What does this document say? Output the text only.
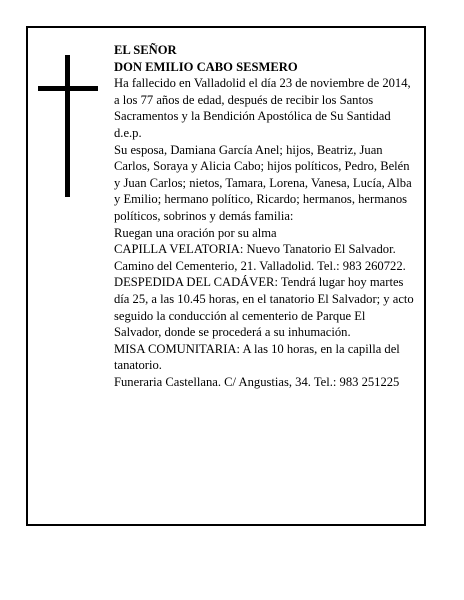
EL SEÑOR

DON EMILIO CABO SESMERO

Ha fallecido en Valladolid el día 23 de noviembre de 2014, a los 77 años de edad, después de recibir los Santos Sacramentos y la Bendición Apostólica de Su Santidad

d.e.p.

Su esposa, Damiana García Anel; hijos, Beatriz, Juan Carlos, Soraya y Alicia Cabo; hijos políticos, Pedro, Belén y Juan Carlos; nietos, Tamara, Lorena, Vanesa, Lucía, Alba y Emilio; hermano político, Ricardo; hermanos, hermanos políticos, sobrinos y demás familia:

Ruegan una oración por su alma

CAPILLA VELATORIA: Nuevo Tanatorio El Salvador. Camino del Cementerio, 21. Valladolid. Tel.: 983 260722.

DESPEDIDA DEL CADÁVER: Tendrá lugar hoy martes día 25, a las 10.45 horas, en el tanatorio El Salvador; y acto seguido la conducción al cementerio de Parque El Salvador, donde se procederá a su inhumación.

MISA COMUNITARIA: A las 10 horas, en la capilla del tanatorio.

Funeraria Castellana. C/ Angustias, 34. Tel.: 983 251225
